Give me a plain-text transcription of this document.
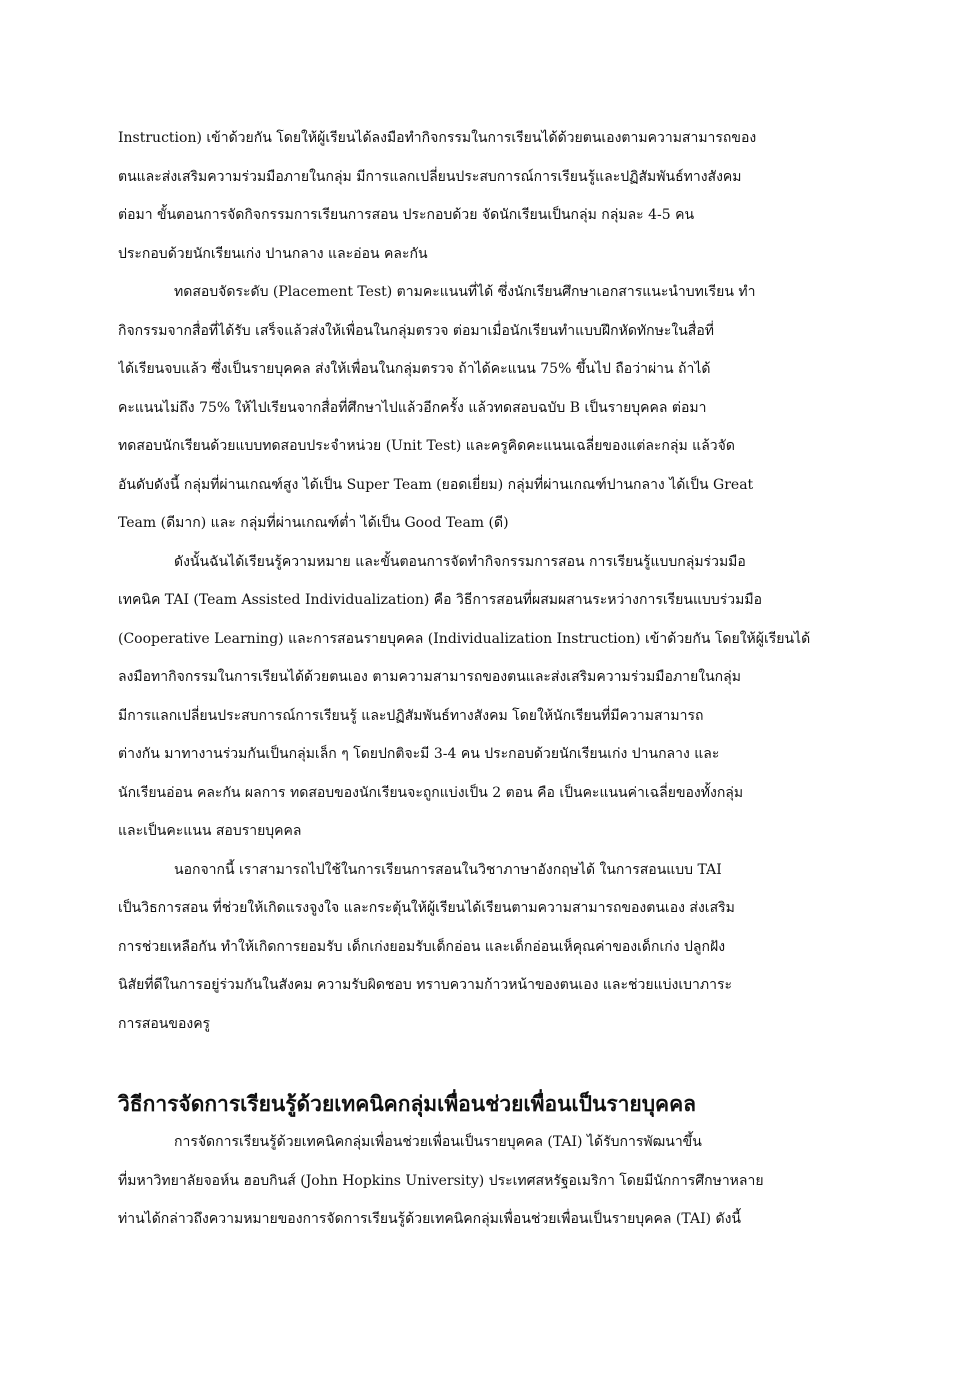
Instruction) เข้าด้วยกัน โดยให้ผู้เรียนได้ลงมือทำกิจกรรมในการเรียนได้ด้วยตนเองตามความสามารถของ
ตนและส่งเสริมความร่วมมือภายในกลุ่ม มีการแลกเปลี่ยนประสบการณ์การเรียนรู้และปฏิสัมพันธ์ทางสังคม
ต่อมา ขั้นตอนการจัดกิจกรรมการเรียนการสอน ประกอบด้วย จัดนักเรียนเป็นกลุ่ม กลุ่มละ 4-5 คน
ประกอบด้วยนักเรียนเก่ง ปานกลาง และอ่อน คละกัน
ทดสอบจัดระดับ (Placement Test) ตามคะแนนที่ได้ ซึ่งนักเรียนศึกษาเอกสารแนะนำบทเรียน ทำ
กิจกรรมจากสื่อที่ได้รับ เสร็จแล้วส่งให้เพื่อนในกลุ่มตรวจ ต่อมาเมื่อนักเรียนทำแบบฝึกหัดทักษะในสื่อที่
ได้เรียนจบแล้ว ซึ่งเป็นรายบุคคล ส่งให้เพื่อนในกลุ่มตรวจ ถ้าได้คะแนน 75% ขึ้นไป ถือว่าผ่าน ถ้าได้
คะแนนไม่ถึง 75% ให้ไปเรียนจากสื่อที่ศึกษาไปแล้วอีกครั้ง แล้วทดสอบฉบับ B เป็นรายบุคคล ต่อมา
ทดสอบนักเรียนด้วยแบบทดสอบประจำหน่วย (Unit Test) และครูคิดคะแนนเฉลี่ยของแต่ละกลุ่ม แล้วจัด
อันดับดังนี้ กลุ่มที่ผ่านเกณฑ์สูง ได้เป็น Super Team (ยอดเยี่ยม) กลุ่มที่ผ่านเกณฑ์ปานกลาง ได้เป็น Great
Team (ดีมาก) และ กลุ่มที่ผ่านเกณฑ์ต่ำ ได้เป็น Good Team (ดี)
ดังนั้นฉันได้เรียนรู้ความหมาย และขั้นตอนการจัดทำกิจกรรมการสอน การเรียนรู้แบบกลุ่มร่วมมือ
เทคนิค TAI (Team Assisted Individualization) คือ วิธีการสอนที่ผสมผสานระหว่างการเรียนแบบร่วมมือ
(Cooperative Learning) และการสอนรายบุคคล (Individualization Instruction) เข้าด้วยกัน โดยให้ผู้เรียนได้
ลงมือทากิจกรรมในการเรียนได้ด้วยตนเอง ตามความสามารถของตนและส่งเสริมความร่วมมือภายในกลุ่ม
มีการแลกเปลี่ยนประสบการณ์การเรียนรู้ และปฏิสัมพันธ์ทางสังคม โดยให้นักเรียนที่มีความสามารถ
ต่างกัน มาทางานร่วมกันเป็นกลุ่มเล็ก ๆ โดยปกติจะมี 3-4 คน ประกอบด้วยนักเรียนเก่ง ปานกลาง และ
นักเรียนอ่อน คละกัน ผลการ ทดสอบของนักเรียนจะถูกแบ่งเป็น 2 ตอน คือ เป็นคะแนนค่าเฉลี่ยของทั้งกลุ่ม
และเป็นคะแนน สอบรายบุคคล
นอกจากนี้ เราสามารถไปใช้ในการเรียนการสอนในวิชาภาษาอังกฤษได้ ในการสอนแบบ TAI
เป็นวิธการสอน ที่ช่วยให้เกิดแรงจูงใจ และกระตุ้นให้ผู้เรียนได้เรียนตามความสามารถของตนเอง ส่งเสริม
การช่วยเหลือกัน ทำให้เกิดการยอมรับ เด็กเก่งยอมรับเด็กอ่อน และเด็กอ่อนเห็คุณค่าของเด็กเก่ง ปลูกฝัง
นิสัยที่ดีในการอยู่ร่วมกันในสังคม ความรับผิดชอบ ทราบความก้าวหน้าของตนเอง และช่วยแบ่งเบาภาระ
การสอนของครู
วิธีการจัดการเรียนรู้ด้วยเทคนิคกลุ่มเพื่อนช่วยเพื่อนเป็นรายบุคคล
การจัดการเรียนรู้ด้วยเทคนิคกลุ่มเพื่อนช่วยเพื่อนเป็นรายบุคคล (TAI) ได้รับการพัฒนาขึ้น
ที่มหาวิทยาลัยจอห์น ฮอบกินส์ (John Hopkins University) ประเทศสหรัฐอเมริกา โดยมีนักการศึกษาหลาย
ท่านได้กล่าวถึงความหมายของการจัดการเรียนรู้ด้วยเทคนิคกลุ่มเพื่อนช่วยเพื่อนเป็นรายบุคคล (TAI) ดังนี้
